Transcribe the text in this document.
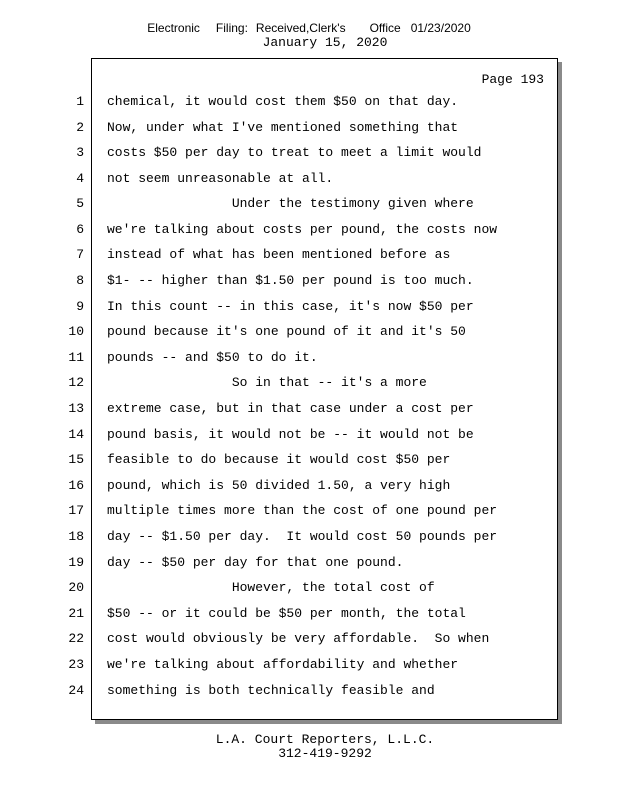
Electronic Filing: Received,Clerk's Office 01/23/2020
January 15, 2020
Page 193
1
2
3
4
5
6
7
8
9
10
11
12
13
14
15
16
17
18
19
20
21
22
23
24
chemical, it would cost them $50 on that day.
Now, under what I've mentioned something that
costs $50 per day to treat to meet a limit would
not seem unreasonable at all.
Under the testimony given where
we're talking about costs per pound, the costs now
instead of what has been mentioned before as
$1- -- higher than $1.50 per pound is too much.
In this count -- in this case, it's now $50 per
pound because it's one pound of it and it's 50
pounds -- and $50 to do it.
So in that -- it's a more
extreme case, but in that case under a cost per
pound basis, it would not be -- it would not be
feasible to do because it would cost $50 per
pound, which is 50 divided 1.50, a very high
multiple times more than the cost of one pound per
day -- $1.50 per day.  It would cost 50 pounds per
day -- $50 per day for that one pound.
However, the total cost of
$50 -- or it could be $50 per month, the total
cost would obviously be very affordable.  So when
we're talking about affordability and whether
something is both technically feasible and
L.A. Court Reporters, L.L.C.
312-419-9292
